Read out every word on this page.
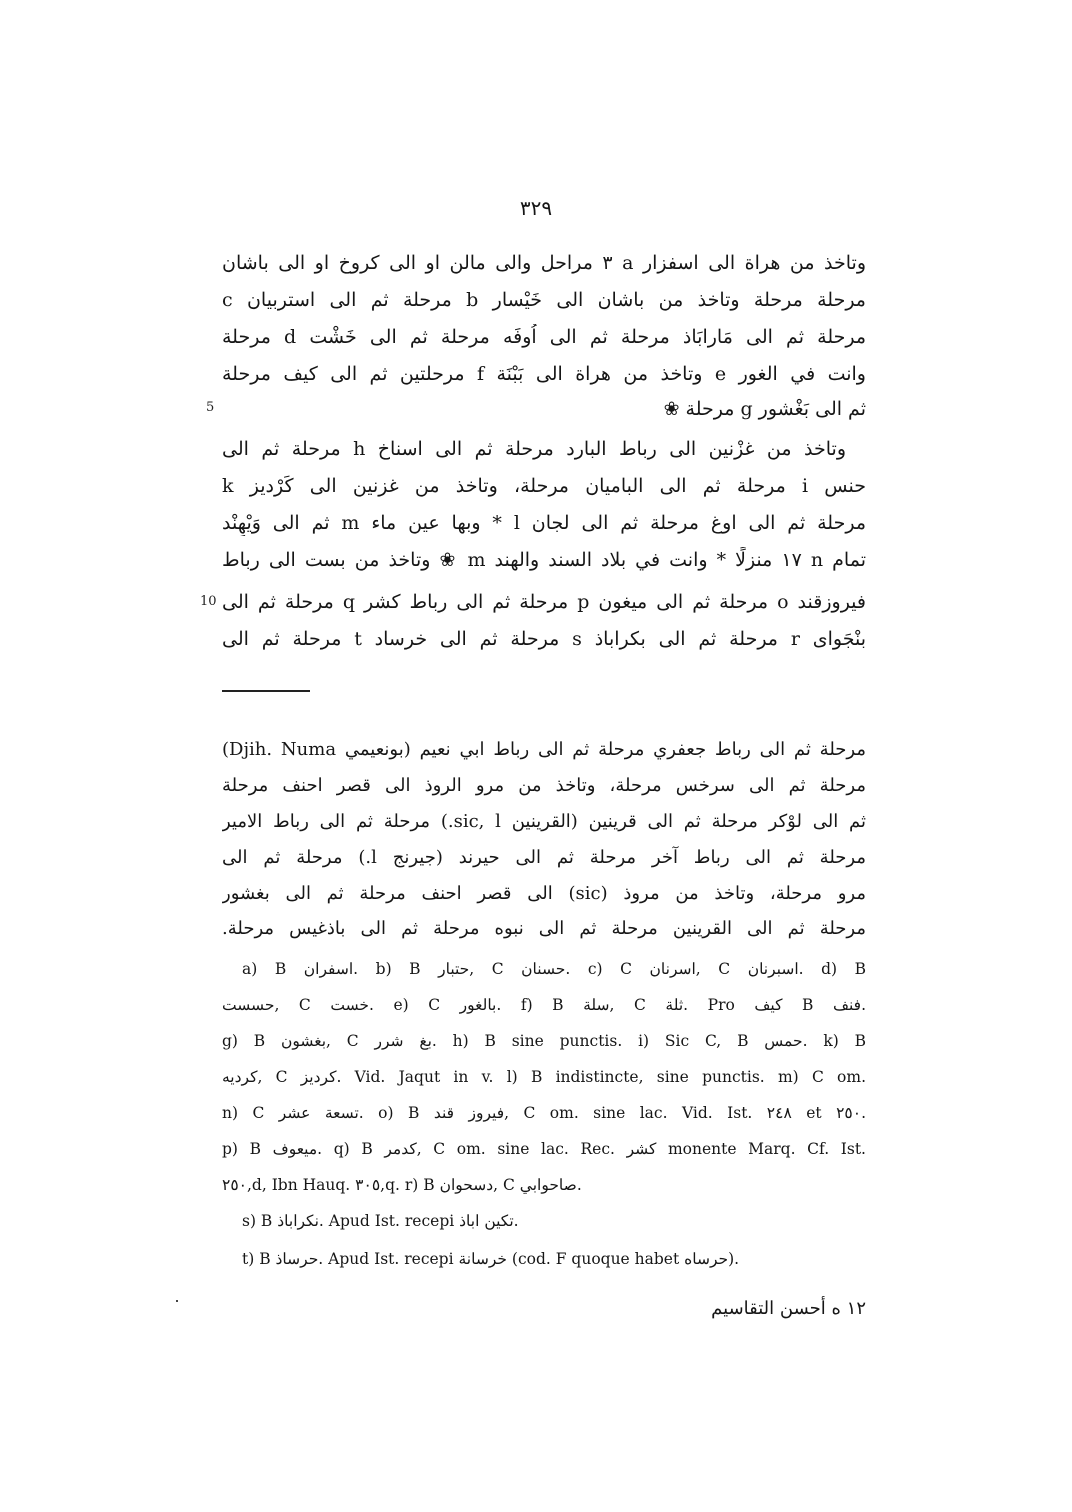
٣٢٩
وتاخذ من هراة الى اسفزار a ٣ مراحل والى مالن او الى كروخ او الى باشان
مرحلة مرحلة وتاخذ من باشان الى خَيْسار b مرحلة ثم الى استربيان c
مرحلة ثم الى مَارابَاذ مرحلة ثم الى اُوفَه مرحلة ثم الى خَشْت d مرحلة
وانت في الغور e وتاخذ من هراة الى بَبْنَة f مرحلتين ثم الى كيف مرحلة
ثم الى بَغْشور g مرحلة ❀
وتاخذ من غزْنين الى رباط البارد مرحلة ثم الى اسناخ h مرحلة ثم الى
حنس i مرحلة ثم الى الباميان مرحلة، وتاخذ من غزنين الى كَرْديز k
مرحلة ثم الى اوغ مرحلة ثم الى لجان l * وبها عين ماء m ثم الى وَيْهِنْد
تمام n ١٧ منزلًا * وانت في بلاد السند والهند m ❀ وتاخذ من بست الى رباط
فيروزقند o مرحلة ثم الى ميغون p مرحلة ثم الى رباط كشر q مرحلة ثم الى
بنْجَوای r مرحلة ثم الى بكراباذ s مرحلة ثم الى خرساد t مرحلة ثم الى
5
10
مرحلة ثم الى رباط جعفري مرحلة ثم الى رباط ابي نعيم (بونعيمي Djih. Numa)
مرحلة ثم الى سرخس مرحلة، وتاخذ من مرو الروذ الى قصر احنف مرحلة
ثم الى لوْكر مرحلة ثم الى قرينين (القرينين sic, l.) مرحلة ثم الى رباط الامير
مرحلة ثم الى رباط آخر مرحلة ثم الى حيرند (جيرنج l.) مرحلة ثم الى
مرو مرحلة، وتاخذ من مروذ (sic) الى قصر احنف مرحلة ثم الى بغشور
مرحلة ثم الى القرينين مرحلة ثم الى نبوه مرحلة ثم الى باذغيس مرحلة.
a) B اسفران. b) B حتبار, C حسنان. c) C اسرنان, C اسبرنان. d) B
حسست, C خست. e) C بالغور. f) B سلة, C ثلة. Pro كيف B فنف.
g) B بغشون, C بغ شرر. h) B sine punctis. i) Sic C, B حمس. k) B
كرديه, C كرديز. Vid. Jaqut in v. l) B indistincte, sine punctis. m) C om.
n) C تسعة عشر. o) B فيروز قند, C om. sine lac. Vid. Ist. ٢٤٨ et ٢٥٠.
p) B ميعوف. q) B كدمر, C om. sine lac. Rec. كشر monente Marq. Cf. Ist.
٢٥٠,d, Ibn Hauq. ٣٠٥,q. r) B دسحوان, C صاحوابي.
s) B نكراباذ. Apud Ist. recepi تكين اباذ.
t) B حرساذ. Apud Ist. recepi خرسانة (cod. F quoque habet حرساه).
١٢ ه أحسن التقاسيم
